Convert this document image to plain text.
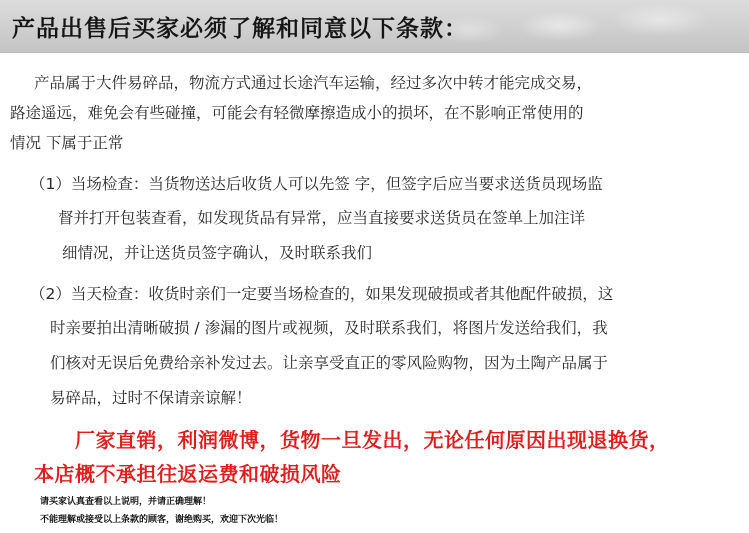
产品出售后买家必须了解和同意以下条款：
产品属于大件易碎品，物流方式通过长途汽车运输，经过多次中转才能完成交易，
路途遥远，难免会有些碰撞，可能会有轻微摩擦造成小的损坏，在不影响正常使用的
情况 下属于正常
（1）当场检查：当货物送达后收货人可以先签 字，但签字后应当要求送货员现场监
督并打开包装查看，如发现货品有异常，应当直接要求送货员在签单上加注详
细情况，并让送货员签字确认，及时联系我们
（2）当天检查：收货时亲们一定要当场检查的，如果发现破损或者其他配件破损，这
时亲要拍出清晰破损 / 渗漏的图片或视频，及时联系我们，将图片发送给我们，我
们核对无误后免费给亲补发过去。让亲享受直正的零风险购物，因为土陶产品属于
易碎品，过时不保请亲谅解！
厂家直销，利润微博，货物一旦发出，无论任何原因出现退换货，
本店概不承担往返运费和破损风险
请买家认真查看以上说明，并请正确理解！
不能理解或接受以上条款的顾客，谢绝购买，欢迎下次光临！
